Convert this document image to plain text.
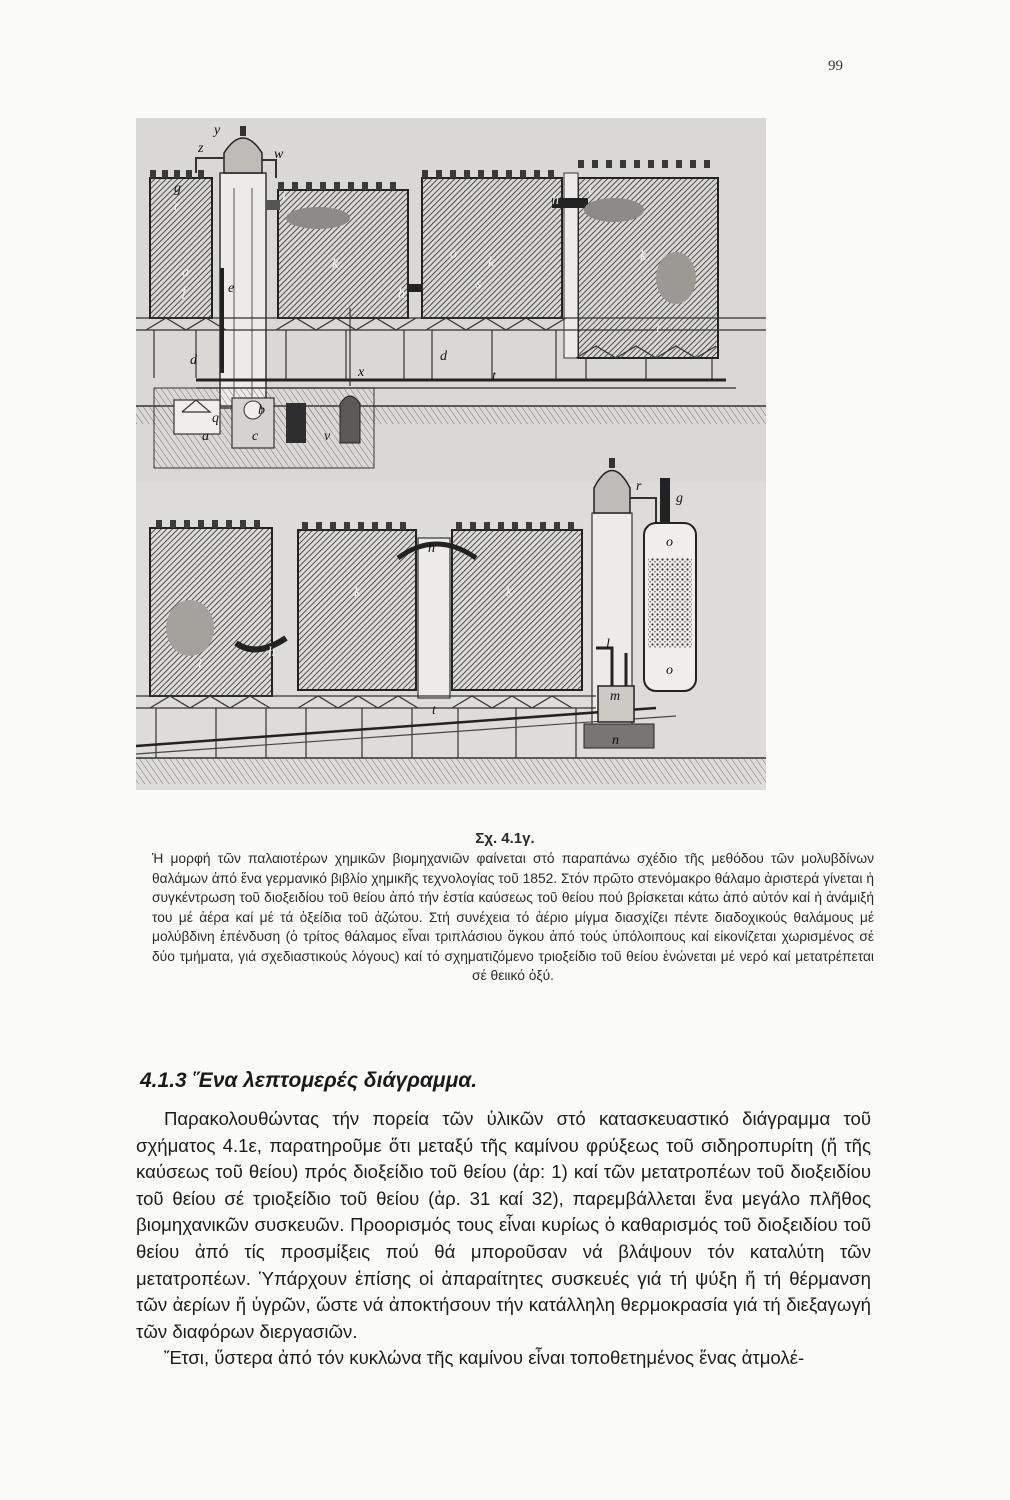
99
y
z	w
g
r
a
i
k
o
k
s
h
h
i
k
i
f	e
d	d
t
v
x
q
b
a	c
r
g
o
o
h
k	k
i
h
l
m
n
t
Σχ. 4.1γ.
Ἡ μορφή τῶν παλαιοτέρων χημικῶν βιομηχανιῶν φαίνεται στό παραπάνω σχέδιο τῆς μεθόδου τῶν μολυβδίνων θαλάμων ἀπό ἕνα γερμανικό βιβλίο χημικῆς τεχνολογίας τοῦ 1852. Στόν πρῶτο στενόμακρο θάλαμο ἀριστερά γίνεται ἡ συγκέντρωση τοῦ διοξειδίου τοῦ θείου ἀπό τήν ἑστία καύσεως τοῦ θείου πού βρίσκεται κάτω ἀπό αὐτόν καί ἡ ἀνάμιξή του μέ ἀέρα καί μέ τά ὀξείδια τοῦ ἀζώτου. Στή συνέχεια τό ἀέριο μίγμα διασχίζει πέντε διαδοχικούς θαλάμους μέ μολύβδινη ἐπένδυση (ὁ τρίτος θάλαμος εἶναι τριπλάσιου ὄγκου ἀπό τούς ὑπόλοιπους καί εἰκονίζεται χωρισμένος σέ δύο τμήματα, γιά σχεδιαστικούς λόγους) καί τό σχηματιζόμενο τριοξείδιο τοῦ θείου ἑνώνεται μέ νερό καί μετατρέπεται σέ θειικό ὀξύ.
4.1.3 Ἕνα λεπτομερές διάγραμμα.

Παρακολουθώντας τήν πορεία τῶν ὑλικῶν στό κατασκευαστικό διάγραμμα τοῦ σχήματος 4.1ε, παρατηροῦμε ὅτι μεταξύ τῆς καμίνου φρύξεως τοῦ σιδηροπυρίτη (ἤ τῆς καύσεως τοῦ θείου) πρός διοξείδιο τοῦ θείου (ἀρ: 1) καί τῶν μετατροπέων τοῦ διοξειδίου τοῦ θείου σέ τριοξείδιο τοῦ θείου (ἀρ. 31 καί 32), παρεμβάλλεται ἕνα μεγάλο πλῆθος βιομηχανικῶν συσκευῶν. Προορισμός τους εἶναι κυρίως ὁ καθαρισμός τοῦ διοξειδίου τοῦ θείου ἀπό τίς προσμίξεις πού θά μποροῦσαν νά βλάψουν τόν καταλύτη τῶν μετατροπέων. Ὑπάρχουν ἐπίσης οἱ ἀπαραίτητες συσκευές γιά τή ψύξη ἤ τή θέρμανση τῶν ἀερίων ἤ ὑγρῶν, ὥστε νά ἀποκτήσουν τήν κατάλληλη θερμοκρασία γιά τή διεξαγωγή τῶν διαφόρων διεργασιῶν.

Ἔτσι, ὕστερα ἀπό τόν κυκλώνα τῆς καμίνου εἶναι τοποθετημένος ἕνας ἀτμολέ-
